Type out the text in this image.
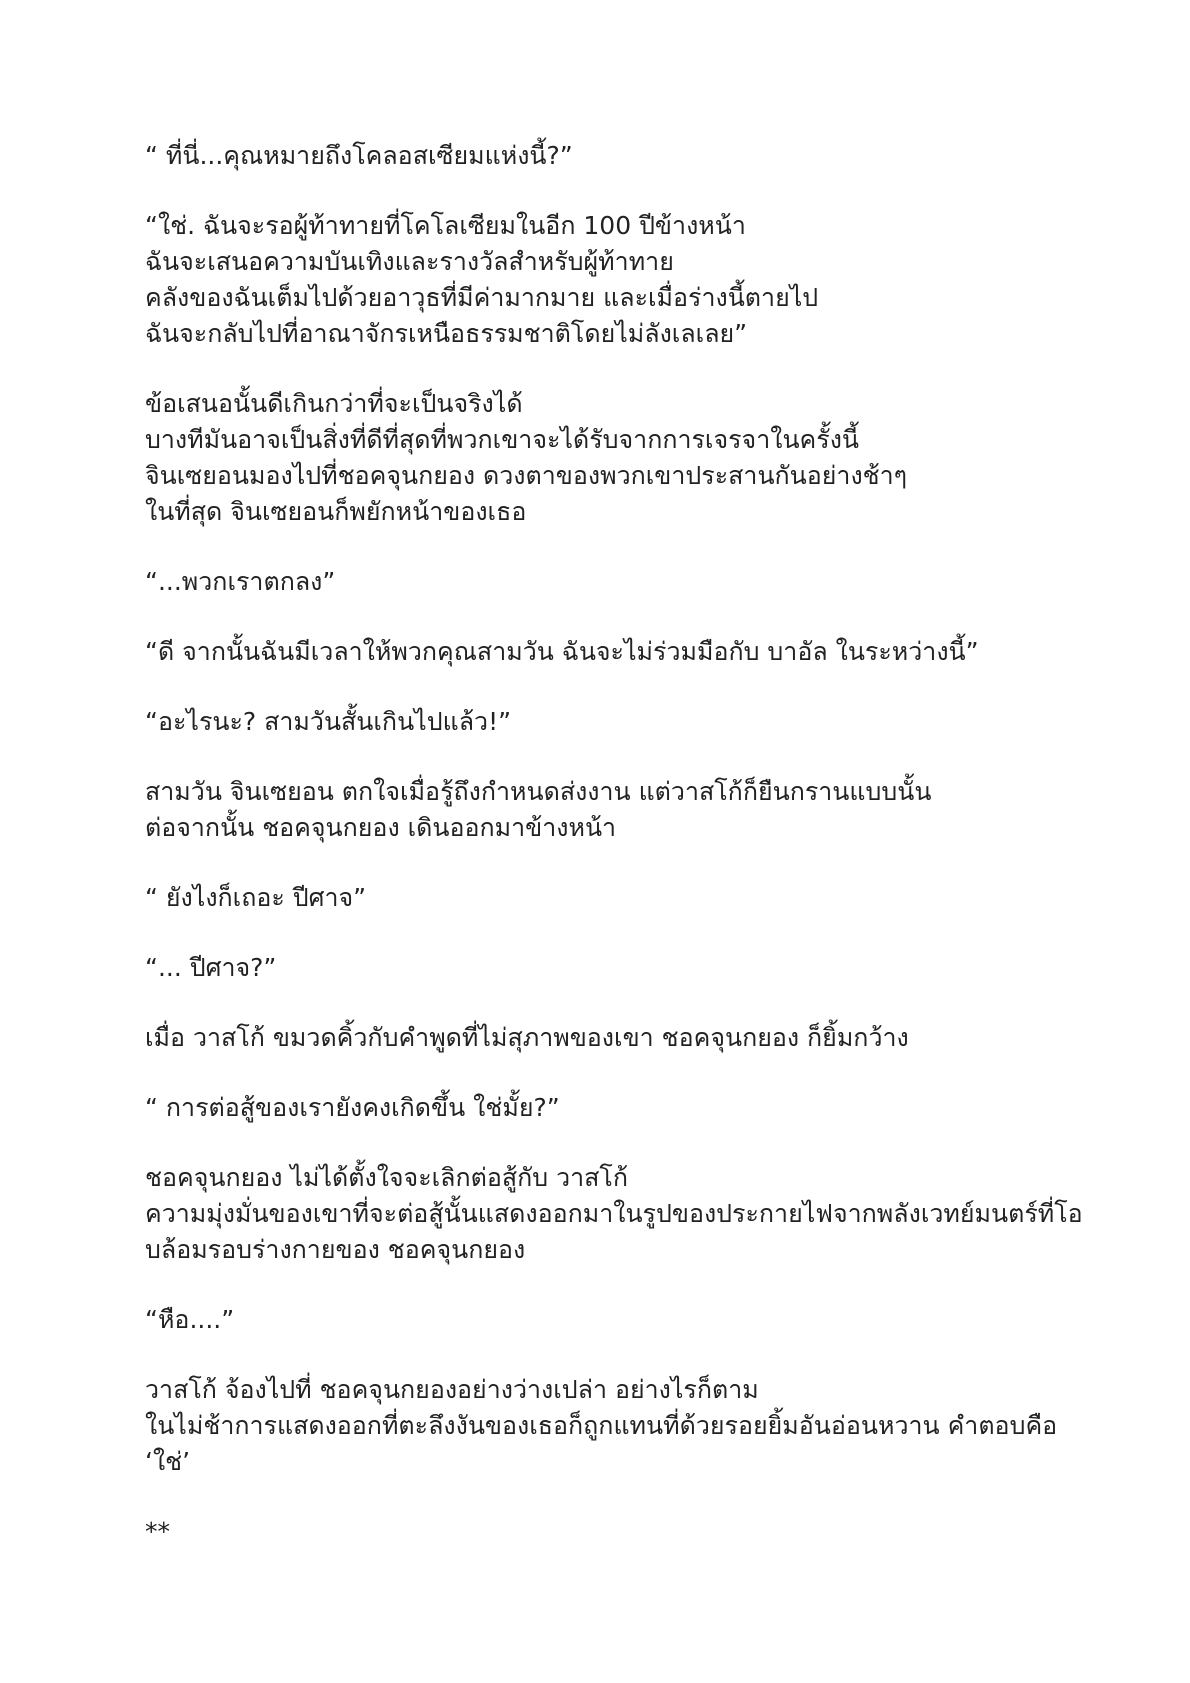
“ ที่นี่...คุณหมายถึงโคลอสเซียมแห่งนี้?”

“ใช่. ฉันจะรอผู้ท้าทายที่โคโลเซียมในอีก 100 ปีข้างหน้า
ฉันจะเสนอความบันเทิงและรางวัลสำหรับผู้ท้าทาย
คลังของฉันเต็มไปด้วยอาวุธที่มีค่ามากมาย และเมื่อร่างนี้ตายไป
ฉันจะกลับไปที่อาณาจักรเหนือธรรมชาติโดยไม่ลังเลเลย”

ข้อเสนอนั้นดีเกินกว่าที่จะเป็นจริงได้
บางทีมันอาจเป็นสิ่งที่ดีที่สุดที่พวกเขาจะได้รับจากการเจรจาในครั้งนี้
จินเซยอนมองไปที่ชอคจุนกยอง ดวงตาของพวกเขาประสานกันอย่างช้าๆ
ในที่สุด จินเซยอนก็พยักหน้าของเธอ

“...พวกเราตกลง”

“ดี จากนั้นฉันมีเวลาให้พวกคุณสามวัน ฉันจะไม่ร่วมมือกับ บาอัล ในระหว่างนี้”

“อะไรนะ? สามวันสั้นเกินไปแล้ว!”

สามวัน จินเซยอน ตกใจเมื่อรู้ถึงกำหนดส่งงาน แต่วาสโก้ก็ยืนกรานแบบนั้น
ต่อจากนั้น ชอคจุนกยอง เดินออกมาข้างหน้า

“ ยังไงก็เถอะ ปีศาจ”

“... ปีศาจ?”

เมื่อ วาสโก้ ขมวดคิ้วกับคำพูดที่ไม่สุภาพของเขา ชอคจุนกยอง ก็ยิ้มกว้าง

“ การต่อสู้ของเรายังคงเกิดขึ้น ใช่มั้ย?”

ชอคจุนกยอง ไม่ได้ตั้งใจจะเลิกต่อสู้กับ วาสโก้
ความมุ่งมั่นของเขาที่จะต่อสู้นั้นแสดงออกมาในรูปของประกายไฟจากพลังเวทย์มนตร์ที่โอ
บล้อมรอบร่างกายของ ชอคจุนกยอง

“หือ....”

วาสโก้ จ้องไปที่ ชอคจุนกยองอย่างว่างเปล่า อย่างไรก็ตาม
ในไม่ช้าการแสดงออกที่ตะลึงงันของเธอก็ถูกแทนที่ด้วยรอยยิ้มอันอ่อนหวาน คำตอบคือ
‘ใช่’

**
